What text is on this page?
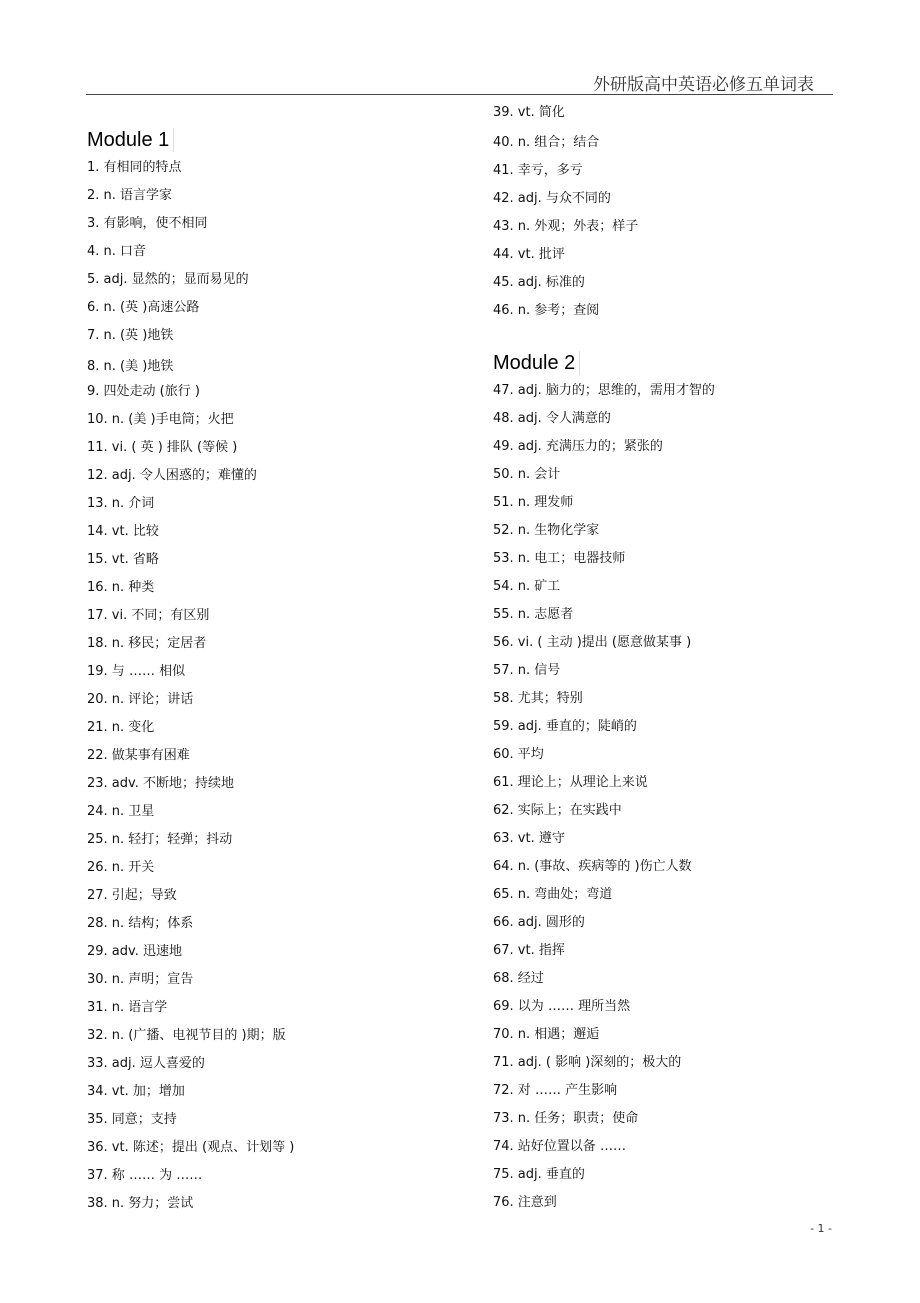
外研版高中英语必修五单词表
Module 1
1. 有相同的特点
2. n. 语言学家
3. 有影响，使不相同
4. n. 口音
5. adj. 显然的；显而易见的
6. n. (英 )高速公路
7. n. (英 )地铁
8. n. (美 )地铁
9. 四处走动 (旅行 )
10. n. (美 )手电筒；火把
11. vi. ( 英 ) 排队 (等候 )
12. adj. 令人困惑的；难懂的
13. n. 介词
14. vt. 比较
15. vt. 省略
16. n. 种类
17. vi. 不同；有区别
18. n. 移民；定居者
19. 与 …… 相似
20. n. 评论；讲话
21. n. 变化
22. 做某事有困难
23. adv. 不断地；持续地
24. n. 卫星
25. n. 轻打；轻弹；抖动
26. n. 开关
27. 引起；导致
28. n. 结构；体系
29. adv. 迅速地
30. n. 声明；宣告
31. n. 语言学
32. n. (广播、电视节目的 )期；版
33. adj. 逗人喜爱的
34. vt. 加；增加
35. 同意；支持
36. vt. 陈述；提出 (观点、计划等 )
37. 称 …… 为 ……
38. n. 努力；尝试
Module 2
39. vt. 简化
40. n. 组合；结合
41. 幸亏，多亏
42. adj. 与众不同的
43. n. 外观；外表；样子
44. vt. 批评
45. adj. 标准的
46. n. 参考；查阅
47. adj. 脑力的；思维的，需用才智的
48. adj. 令人满意的
49. adj. 充满压力的；紧张的
50. n. 会计
51. n. 理发师
52. n. 生物化学家
53. n. 电工；电器技师
54. n. 矿工
55. n. 志愿者
56. vi. ( 主动 )提出 (愿意做某事 )
57. n. 信号
58. 尤其；特别
59. adj. 垂直的；陡峭的
60. 平均
61. 理论上；从理论上来说
62. 实际上；在实践中
63. vt. 遵守
64. n. (事故、疾病等的 )伤亡人数
65. n. 弯曲处；弯道
66. adj. 圆形的
67. vt. 指挥
68. 经过
69. 以为 …… 理所当然
70. n. 相遇；邂逅
71. adj. ( 影响 )深刻的；极大的
72. 对 …… 产生影响
73. n. 任务；职责；使命
74. 站好位置以备 ……
75. adj. 垂直的
76. 注意到
- 1 -
